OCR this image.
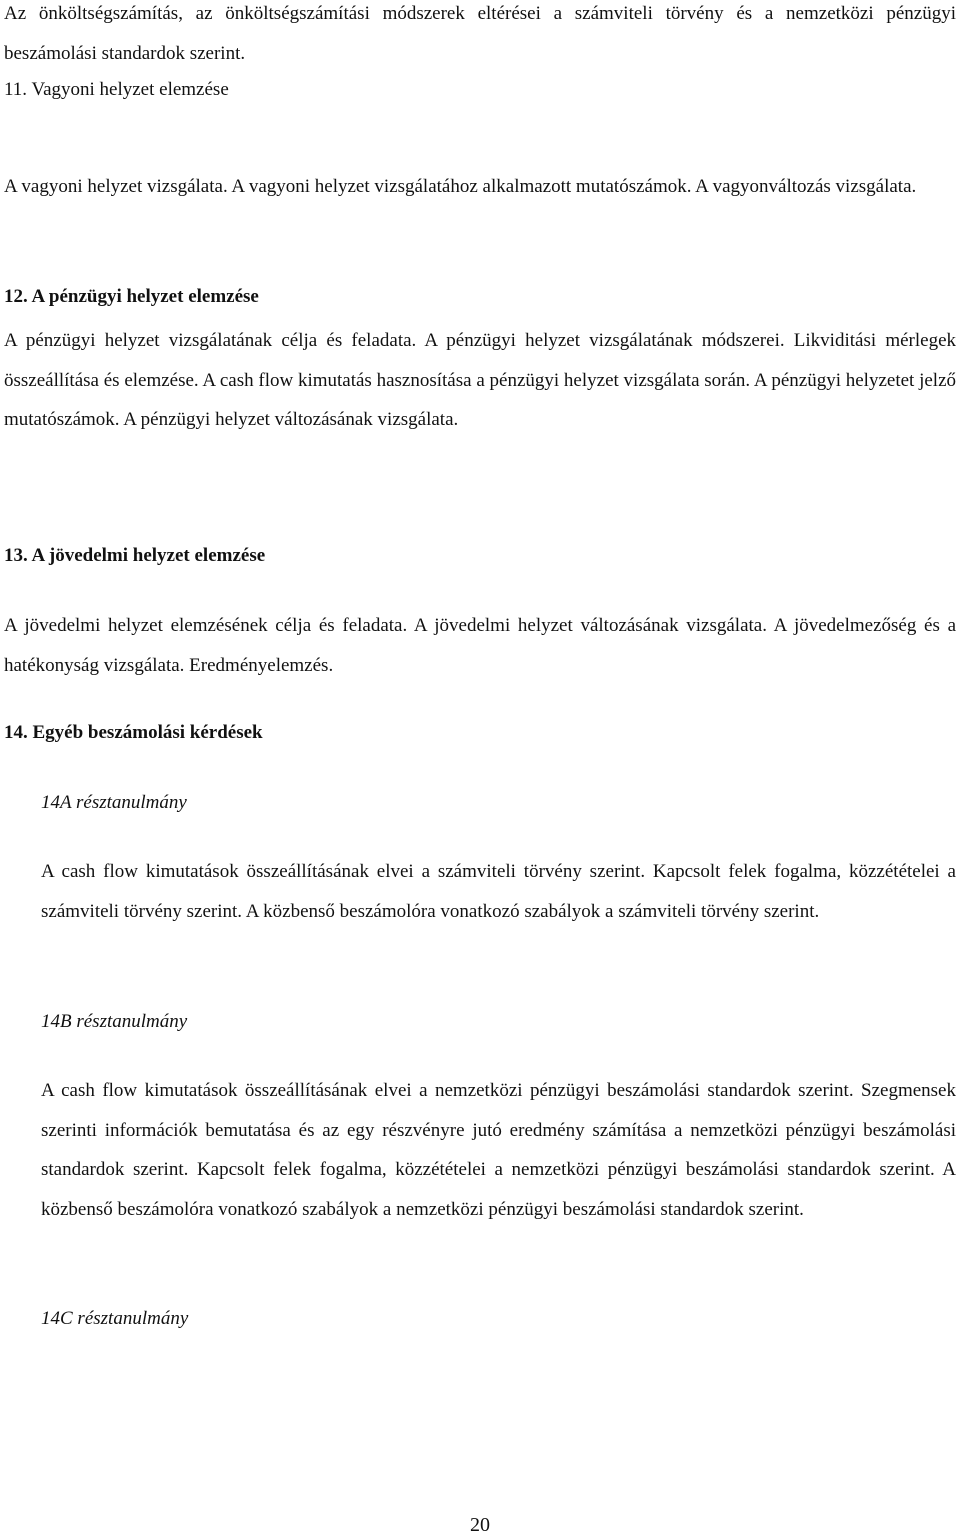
Az önköltségszámítás, az önköltségszámítási módszerek eltérései a számviteli törvény és a nemzetközi pénzügyi beszámolási standardok szerint.

11. Vagyoni helyzet elemzése

A vagyoni helyzet vizsgálata. A vagyoni helyzet vizsgálatához alkalmazott mutatószámok. A vagyonváltozás vizsgálata.

12. A pénzügyi helyzet elemzése

A pénzügyi helyzet vizsgálatának célja és feladata. A pénzügyi helyzet vizsgálatának módszerei. Likviditási mérlegek összeállítása és elemzése. A cash flow kimutatás hasznosítása a pénzügyi helyzet vizsgálata során. A pénzügyi helyzetet jelző mutatószámok. A pénzügyi helyzet változásának vizsgálata.

13. A jövedelmi helyzet elemzése

A jövedelmi helyzet elemzésének célja és feladata. A jövedelmi helyzet változásának vizsgálata. A jövedelmezőség és a hatékonyság vizsgálata. Eredményelemzés.

14. Egyéb beszámolási kérdések

14A résztanulmány

A cash flow kimutatások összeállításának elvei a számviteli törvény szerint. Kapcsolt felek fogalma, közzétételei a számviteli törvény szerint. A közbenső beszámolóra vonatkozó szabályok a számviteli törvény szerint.

14B résztanulmány

A cash flow kimutatások összeállításának elvei a nemzetközi pénzügyi beszámolási standardok szerint. Szegmensek szerinti információk bemutatása és az egy részvényre jutó eredmény számítása a nemzetközi pénzügyi beszámolási standardok szerint. Kapcsolt felek fogalma, közzétételei a nemzetközi pénzügyi beszámolási standardok szerint. A közbenső beszámolóra vonatkozó szabályok a nemzetközi pénzügyi beszámolási standardok szerint.

14C résztanulmány

20
